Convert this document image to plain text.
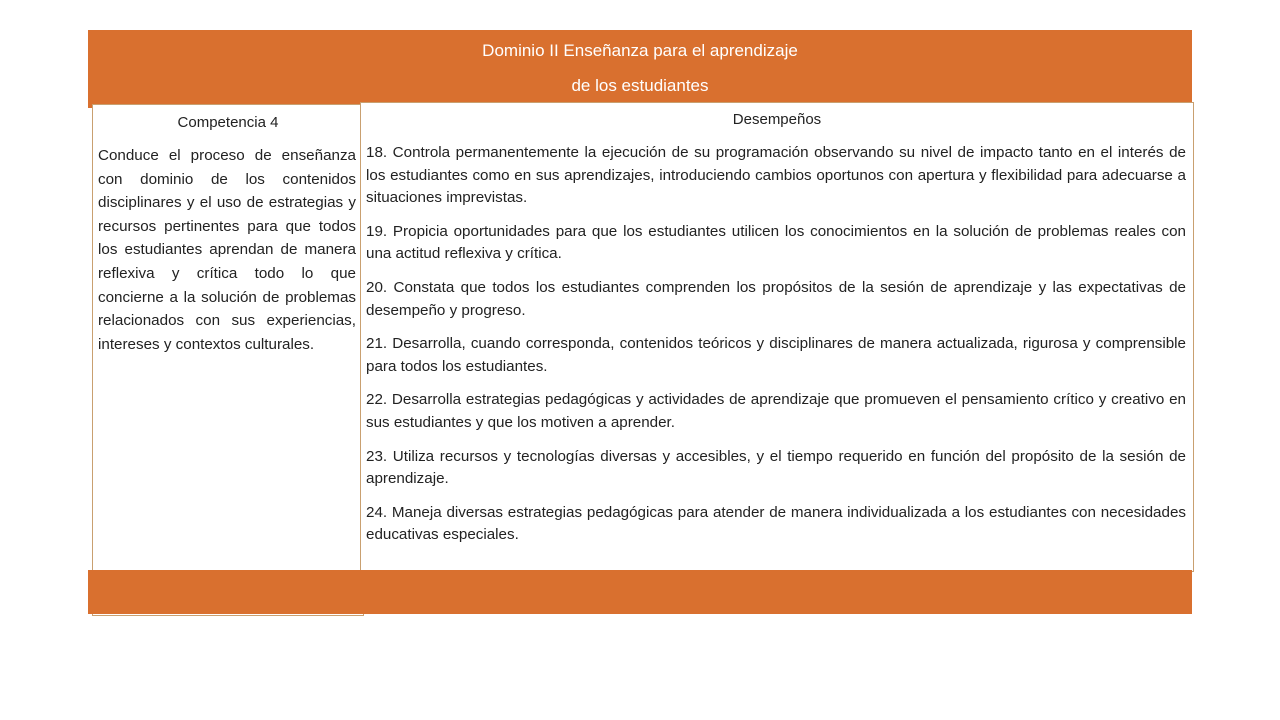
Dominio II Enseñanza para el aprendizaje
de los estudiantes
Competencia 4
Conduce el proceso de enseñanza con dominio de los contenidos disciplinares y el uso de estrategias y recursos pertinentes para que todos los estudiantes aprendan de manera reflexiva y crítica todo lo que concierne a la solución de problemas relacionados con sus experiencias, intereses y contextos culturales.
Desempeños
18. Controla permanentemente la ejecución de su programación observando su nivel de impacto tanto en el interés de los estudiantes como en sus aprendizajes, introduciendo cambios oportunos con apertura y flexibilidad para adecuarse a situaciones imprevistas.
19. Propicia oportunidades para que los estudiantes utilicen los conocimientos en la solución de problemas reales con una actitud reflexiva y crítica.
20. Constata que todos los estudiantes comprenden los propósitos de la sesión de aprendizaje y las expectativas de desempeño y progreso.
21. Desarrolla, cuando corresponda, contenidos teóricos y disciplinares de manera actualizada, rigurosa y comprensible para todos los estudiantes.
22. Desarrolla estrategias pedagógicas y actividades de aprendizaje que promueven el pensamiento crítico y creativo en sus estudiantes y que los motiven a aprender.
23. Utiliza recursos y tecnologías diversas y accesibles, y el tiempo requerido en función del propósito de la sesión de aprendizaje.
24. Maneja diversas estrategias pedagógicas para atender de manera individualizada a los estudiantes con necesidades educativas especiales.
